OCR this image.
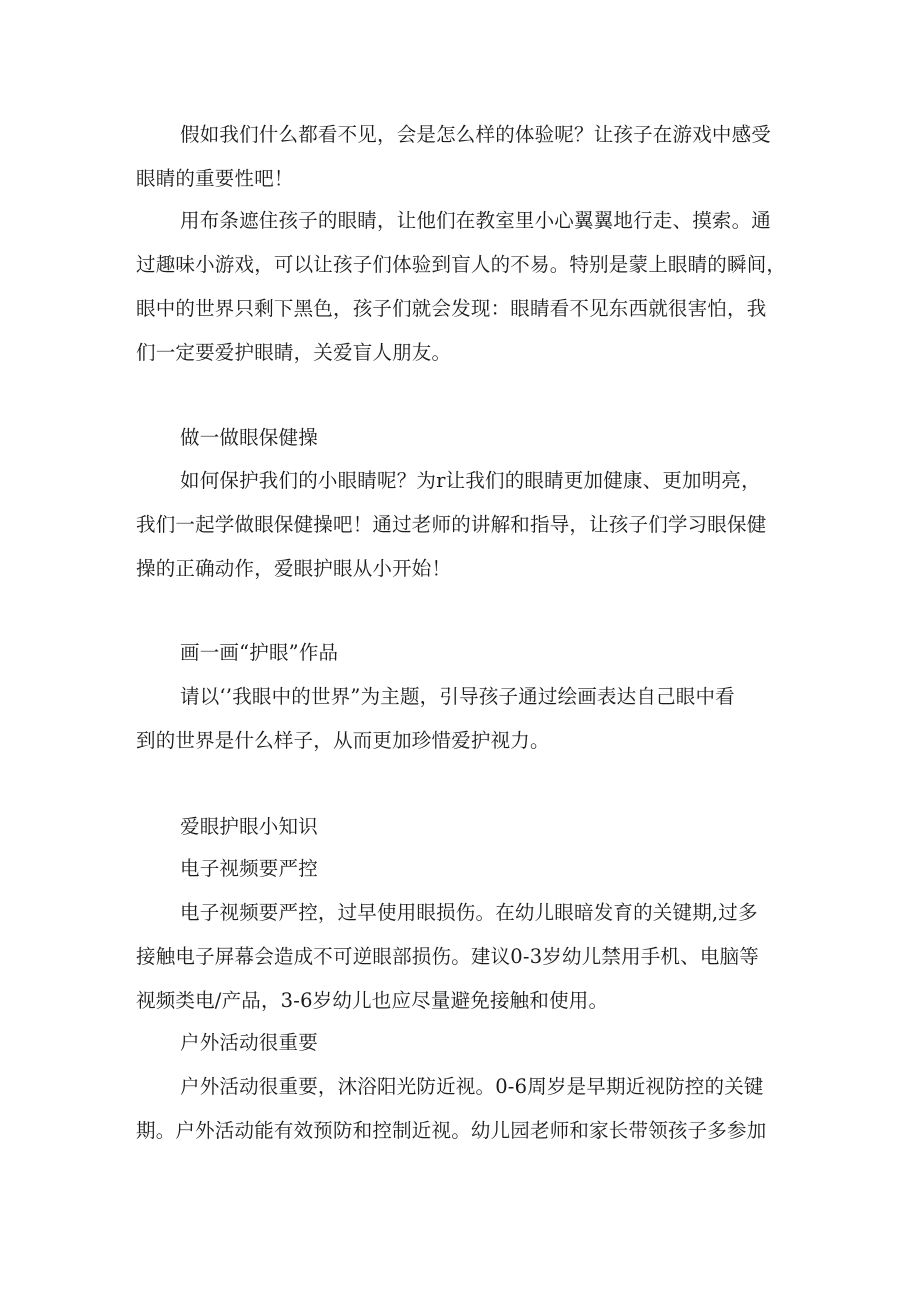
假如我们什么都看不见，会是怎么样的体验呢？让孩子在游戏中感受
眼睛的重要性吧！
用布条遮住孩子的眼睛，让他们在教室里小心翼翼地行走、摸索。通
过趣味小游戏，可以让孩子们体验到盲人的不易。特别是蒙上眼睛的瞬间，
眼中的世界只剩下黑色，孩子们就会发现：眼睛看不见东西就很害怕，我
们一定要爱护眼睛，关爱盲人朋友。
做一做眼保健操
如何保护我们的小眼睛呢？为r让我们的眼睛更加健康、更加明亮，
我们一起学做眼保健操吧！通过老师的讲解和指导，让孩子们学习眼保健
操的正确动作，爱眼护眼从小开始！
画一画“护眼”作品
请以‘’我眼中的世界”为主题，引导孩子通过绘画表达自己眼中看
到的世界是什么样子，从而更加珍惜爱护视力。
爱眼护眼小知识
电子视频要严控
电子视频要严控，过早使用眼损伤。在幼儿眼暗发育的关键期,过多
接触电子屏幕会造成不可逆眼部损伤。建议0-3岁幼儿禁用手机、电脑等
视频类电/产品，3-6岁幼儿也应尽量避免接触和使用。
户外活动很重要
户外活动很重要，沐浴阳光防近视。0-6周岁是早期近视防控的关键
期。户外活动能有效预防和控制近视。幼儿园老师和家长带领孩子多参加
